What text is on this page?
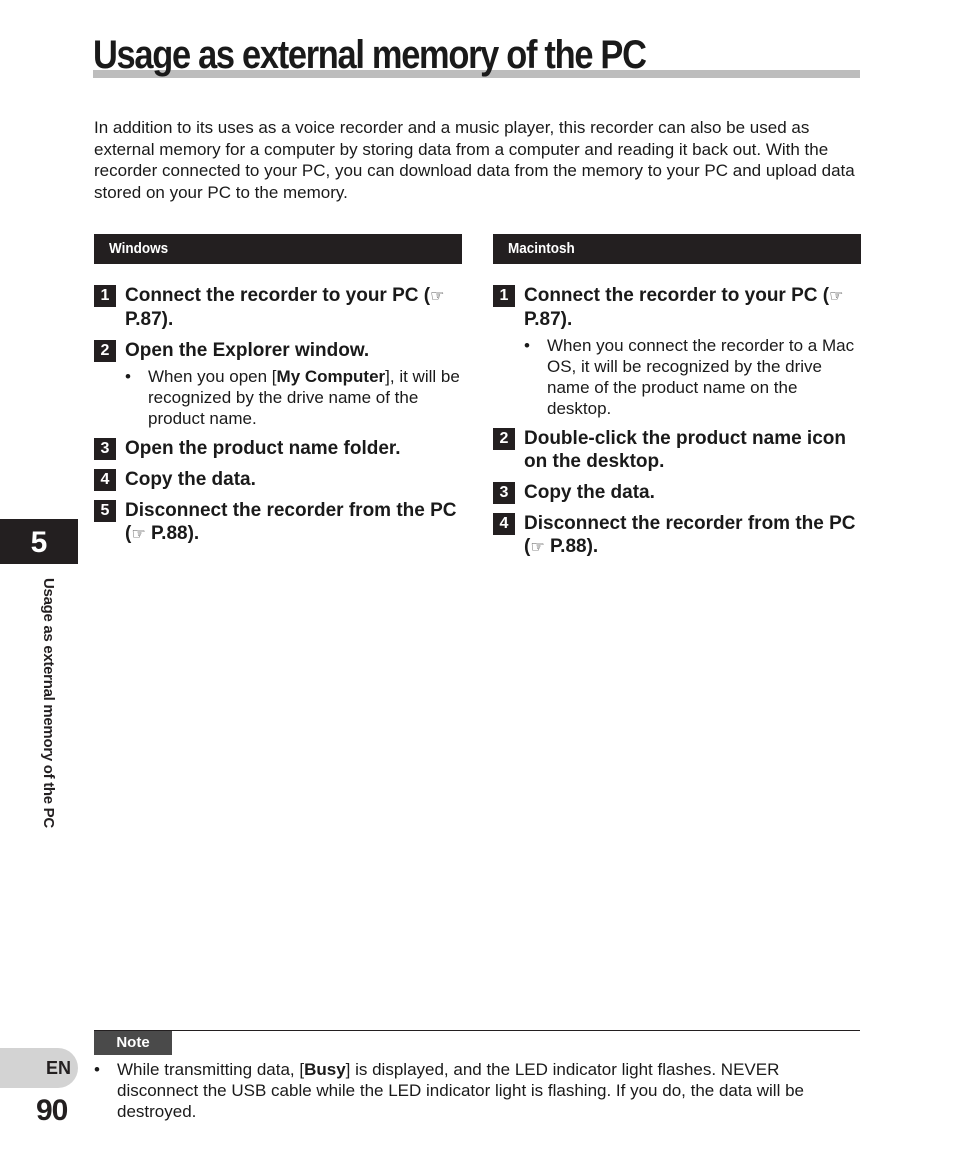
Usage as external memory of the PC

In addition to its uses as a voice recorder and a music player, this recorder can also be used as external memory for a computer by storing data from a computer and reading it back out. With the recorder connected to your PC, you can download data from the memory to your PC and upload data stored on your PC to the memory.

Windows
1 Connect the recorder to your PC (☞ P.87).
2 Open the Explorer window.
• When you open [My Computer], it will be recognized by the drive name of the product name.
3 Open the product name folder.
4 Copy the data.
5 Disconnect the recorder from the PC (☞ P.88).
Macintosh
1 Connect the recorder to your PC (☞ P.87).
• When you connect the recorder to a Mac OS, it will be recognized by the drive name of the product name on the desktop.
2 Double-click the product name icon on the desktop.
3 Copy the data.
4 Disconnect the recorder from the PC (☞ P.88).
5
Usage as external memory of the PC
Note
• While transmitting data, [Busy] is displayed, and the LED indicator light flashes. NEVER disconnect the USB cable while the LED indicator light is flashing. If you do, the data will be destroyed.
EN
90
